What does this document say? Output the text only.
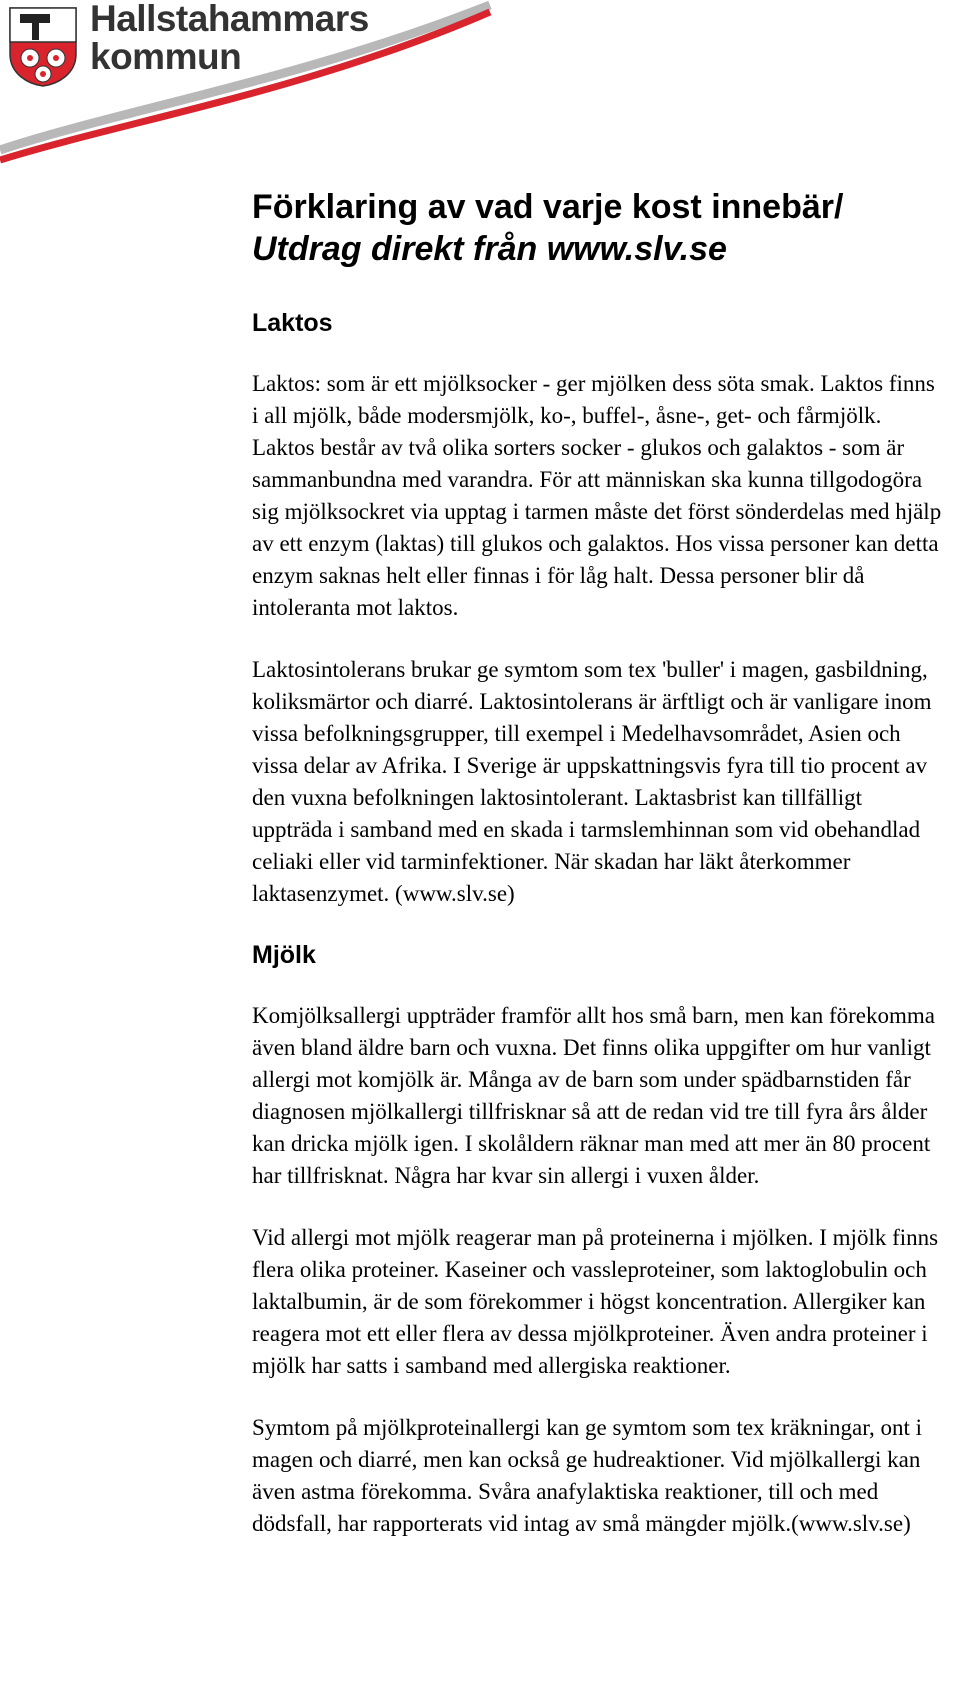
Hallstahammars
kommun
Förklaring av vad varje kost innebär/
Utdrag direkt från www.slv.se
Laktos

Laktos: som är ett mjölksocker - ger mjölken dess söta smak. Laktos finns i all mjölk, både modersmjölk, ko-, buffel-, åsne-, get- och fårmjölk. Laktos består av två olika sorters socker - glukos och galaktos - som är sammanbundna med varandra. För att människan ska kunna tillgodogöra sig mjölksockret via upptag i tarmen måste det först sönderdelas med hjälp av ett enzym (laktas) till glukos och galaktos. Hos vissa personer kan detta enzym saknas helt eller finnas i för låg halt. Dessa personer blir då intoleranta mot laktos.

Laktosintolerans brukar ge symtom som tex 'buller' i magen, gasbildning, koliksmärtor och diarré. Laktosintolerans är ärftligt och är vanligare inom vissa befolkningsgrupper, till exempel i Medelhavsområdet, Asien och vissa delar av Afrika. I Sverige är uppskattningsvis fyra till tio procent av den vuxna befolkningen laktosintolerant. Laktasbrist kan tillfälligt uppträda i samband med en skada i tarmslemhinnan som vid obehandlad celiaki eller vid tarminfektioner. När skadan har läkt återkommer laktasenzymet. (www.slv.se)

Mjölk

Komjölksallergi uppträder framför allt hos små barn, men kan förekomma även bland äldre barn och vuxna. Det finns olika uppgifter om hur vanligt allergi mot komjölk är. Många av de barn som under spädbarnstiden får diagnosen mjölkallergi tillfrisknar så att de redan vid tre till fyra års ålder kan dricka mjölk igen. I skolåldern räknar man med att mer än 80 procent har tillfrisknat. Några har kvar sin allergi i vuxen ålder.

Vid allergi mot mjölk reagerar man på proteinerna i mjölken. I mjölk finns flera olika proteiner. Kaseiner och vassleproteiner, som laktoglobulin och laktalbumin, är de som förekommer i högst koncentration. Allergiker kan reagera mot ett eller flera av dessa mjölkproteiner. Även andra proteiner i mjölk har satts i samband med allergiska reaktioner.

Symtom på mjölkproteinallergi kan ge symtom som tex kräkningar, ont i magen och diarré, men kan också ge hudreaktioner. Vid mjölkallergi kan även astma förekomma. Svåra anafylaktiska reaktioner, till och med dödsfall, har rapporterats vid intag av små mängder mjölk.(www.slv.se)
